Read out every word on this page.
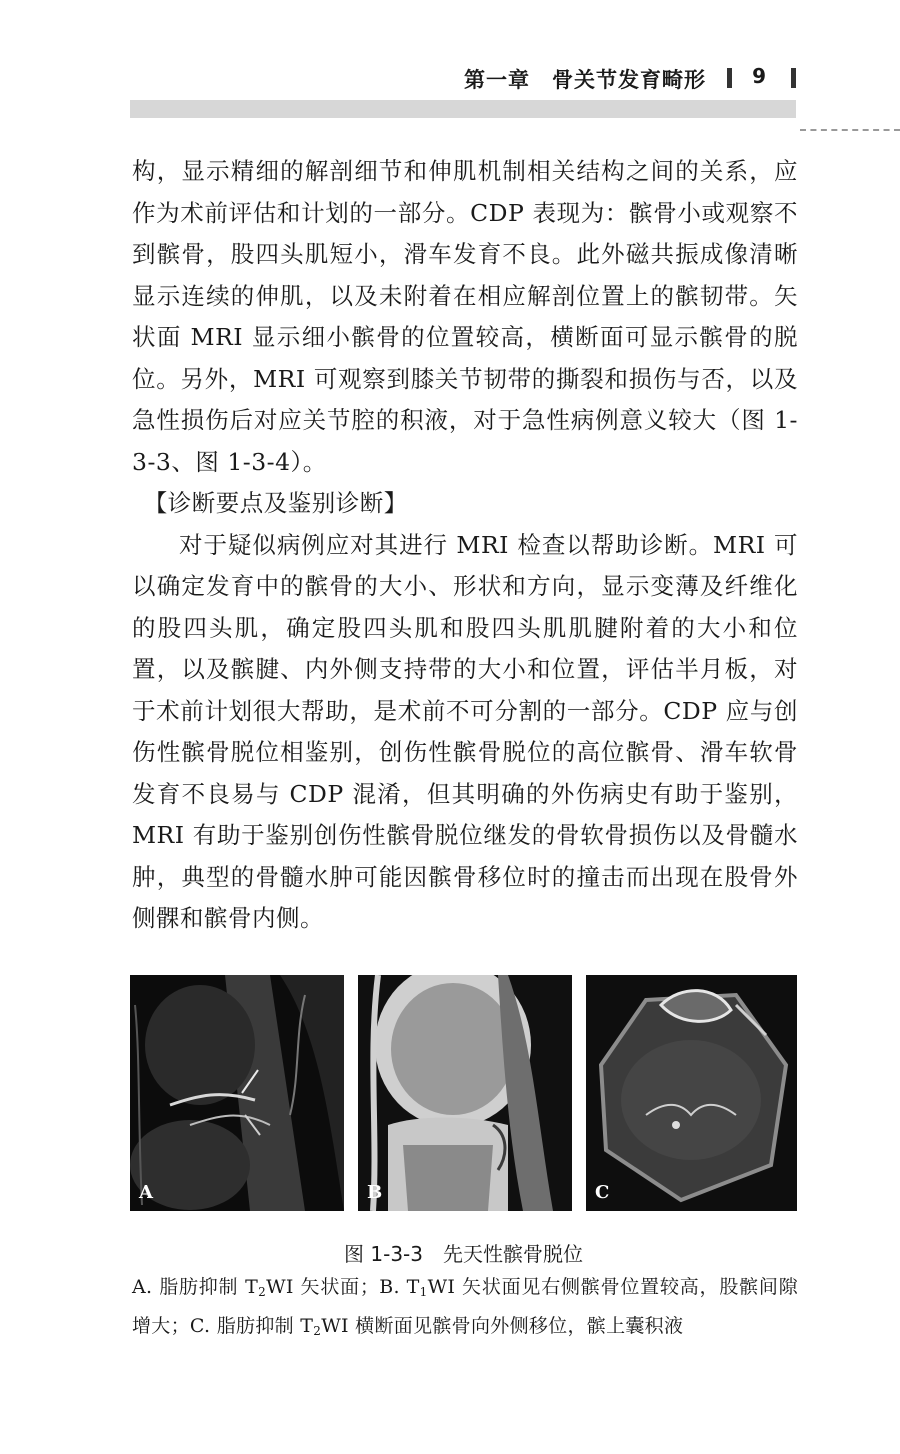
第一章　骨关节发育畸形 9

构，显示精细的解剖细节和伸肌机制相关结构之间的关系，应作为术前评估和计划的一部分。CDP 表现为：髌骨小或观察不到髌骨，股四头肌短小，滑车发育不良。此外磁共振成像清晰显示连续的伸肌，以及未附着在相应解剖位置上的髌韧带。矢状面 MRI 显示细小髌骨的位置较高，横断面可显示髌骨的脱位。另外，MRI 可观察到膝关节韧带的撕裂和损伤与否，以及急性损伤后对应关节腔的积液，对于急性病例意义较大（图 1-3-3、图 1-3-4）。

【诊断要点及鉴别诊断】

对于疑似病例应对其进行 MRI 检查以帮助诊断。MRI 可以确定发育中的髌骨的大小、形状和方向，显示变薄及纤维化的股四头肌，确定股四头肌和股四头肌肌腱附着的大小和位置，以及髌腱、内外侧支持带的大小和位置，评估半月板，对于术前计划很大帮助，是术前不可分割的一部分。CDP 应与创伤性髌骨脱位相鉴别，创伤性髌骨脱位的高位髌骨、滑车软骨发育不良易与 CDP 混淆，但其明确的外伤病史有助于鉴别，MRI 有助于鉴别创伤性髌骨脱位继发的骨软骨损伤以及骨髓水肿，典型的骨髓水肿可能因髌骨移位时的撞击而出现在股骨外侧髁和髌骨内侧。

A	B	C
图 1-3-3　先天性髌骨脱位
A. 脂肪抑制 $T_2WI$ 矢状面；B. $T_1WI$ 矢状面见右侧髌骨位置较高，股髌间隙增大；C. 脂肪抑制 $T_2WI$ 横断面见髌骨向外侧移位，髌上囊积液
